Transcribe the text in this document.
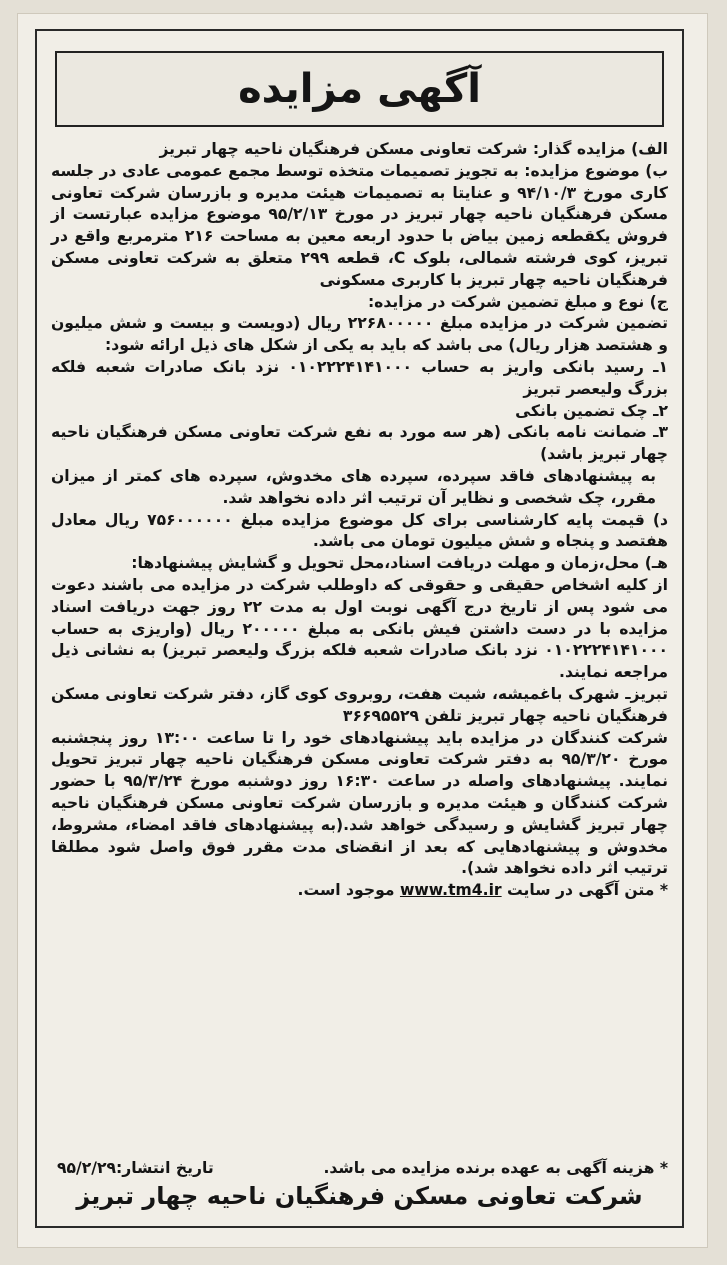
آگهی مزایده

الف) مزایده گذار: شرکت تعاونی مسکن فرهنگیان ناحیه چهار تبریز

ب) موضوع مزایده: به تجویز تصمیمات متخذه توسط مجمع عمومی عادی در جلسه کاری مورخ ۹۴/۱۰/۳ و عنایتا به تصمیمات هیئت مدیره و بازرسان شرکت تعاونی مسکن فرهنگیان ناحیه چهار تبریز در مورخ ۹۵/۲/۱۳ موضوع مزایده عبارتست از فروش یکقطعه زمین بیاض با حدود اربعه معین به مساحت ۲۱۶ مترمربع واقع در تبریز، کوی فرشته شمالی، بلوک C، قطعه ۲۹۹ متعلق به شرکت تعاونی مسکن فرهنگیان ناحیه چهار تبریز با کاربری مسکونی

ج) نوع و مبلغ تضمین شرکت در مزایده:

تضمین شرکت در مزایده مبلغ ۲۲۶۸۰۰۰۰۰ ریال (دویست و بیست و شش میلیون و هشتصد هزار ریال) می باشد که باید به یکی از شکل های ذیل ارائه شود:

۱ـ رسید بانکی واریز به حساب ۰۱۰۲۲۲۴۱۴۱۰۰۰ نزد بانک صادرات شعبه فلکه بزرگ ولیعصر تبریز

۲ـ چک تضمین بانکی

۳ـ ضمانت نامه بانکی (هر سه مورد به نفع شرکت تعاونی مسکن فرهنگیان ناحیه چهار تبریز باشد)

به پیشنهادهای فاقد سپرده، سپرده های مخدوش، سپرده های کمتر از میزان مقرر، چک شخصی و نظایر آن ترتیب اثر داده نخواهد شد.

د) قیمت پایه کارشناسی برای کل موضوع مزایده مبلغ ۷۵۶۰۰۰۰۰۰ ریال معادل هفتصد و پنجاه و شش میلیون تومان می باشد.

هـ) محل،زمان و مهلت دریافت اسناد،محل تحویل و گشایش پیشنهادها:

از کلیه اشخاص حقیقی و حقوقی که داوطلب شرکت در مزایده می باشند دعوت می شود پس از تاریخ درج آگهی نوبت اول به مدت ۲۲ روز جهت دریافت اسناد مزایده با در دست داشتن فیش بانکی به مبلغ ۲۰۰۰۰۰ ریال (واریزی به حساب ۰۱۰۲۲۲۴۱۴۱۰۰۰ نزد بانک صادرات شعبه فلکه بزرگ ولیعصر تبریز) به نشانی ذیل مراجعه نمایند.

تبریزـ شهرک باغمیشه، شیت هفت، روبروی کوی گاز، دفتر شرکت تعاونی مسکن فرهنگیان ناحیه چهار تبریز تلفن ۳۶۶۹۵۵۲۹

شرکت کنندگان در مزایده باید پیشنهادهای خود را تا ساعت ۱۳:۰۰ روز پنجشنبه مورخ ۹۵/۳/۲۰ به دفتر شرکت تعاونی مسکن فرهنگیان ناحیه چهار تبریز تحویل نمایند. پیشنهادهای واصله در ساعت ۱۶:۳۰ روز دوشنبه مورخ ۹۵/۳/۲۴ با حضور شرکت کنندگان و هیئت مدیره و بازرسان شرکت تعاونی مسکن فرهنگیان ناحیه چهار تبریز گشایش و رسیدگی خواهد شد.(به پیشنهادهای فاقد امضاء، مشروط، مخدوش و پیشنهادهایی که بعد از انقضای مدت مقرر فوق واصل شود مطلقا ترتیب اثر داده نخواهد شد).

* متن آگهی در سایت www.tm4.ir موجود است.

* هزینه آگهی به عهده برنده مزایده می باشد.
تاریخ انتشار:۹۵/۲/۲۹
شرکت تعاونی مسکن فرهنگیان ناحیه چهار تبریز
